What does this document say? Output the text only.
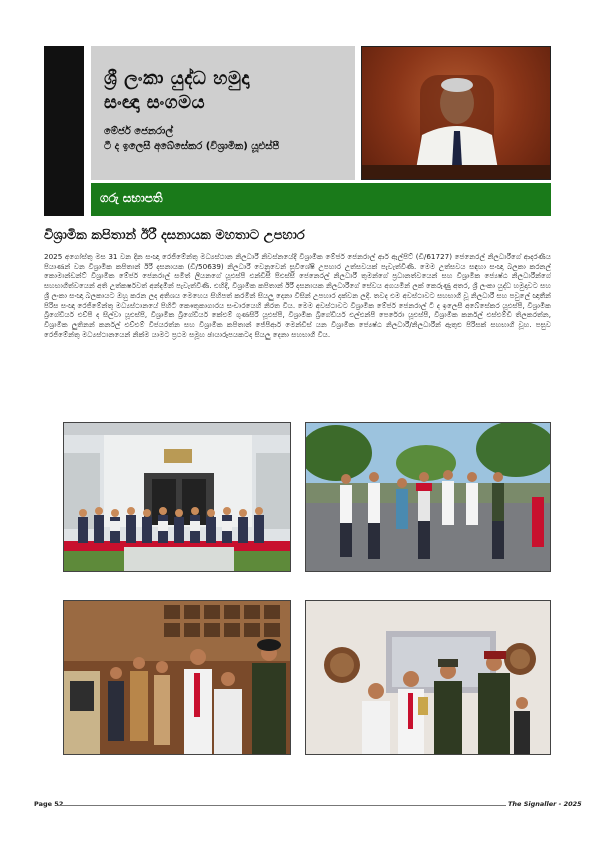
ශ්‍රී ලංකා යුද්ධ හමුදා
සංඥා සංගමය
මේජර් ජෙනරාල්
ටී ද ඉලෙසී අබේසේකර (විශ්‍රාමික) යූඑස්පී
ගරු සභාපති
විශ්‍රාමික කපිතාන් ඊරී දසනායක මහතාට උපහාර
2025 අගෝස්තු මස 31 වන දින සංඥා රෙජිමේන්තු මධ්‍යස්ථාන නිලධාරී නිවස්නයේදී විශ්‍රාමික මේජර් ජෙනරාල් ආර් ඇල්පිට් (ඩී/61727) ජෙනෙරල් නිලධාරීගේ ආදරණීය පියාණන් වන විශ්‍රාමික කපිතාන් ඊරී දසනායක (ඩී/50639) නිලධාරී වෙනුවෙන් සුවිශේෂී උපහාර උත්සවයක් පැවැත්විණි. මෙම උත්සවය සඳහා සංඥා බලකා කරනල් කොමාන්ඩන්ට් විශ්‍රාමික මේජර් ජෙනරාල් සමිත් ලියනගේ යූඑස්පී එන්ඩීසී පීඑස්සී ජෙනෙරල් නිලධාරී තුමන්ගේ ප්‍රධානත්වයෙන් සහ විශ්‍රාමික ජ්‍යෙෂ්ඨ නිලධාරීන්ගේ සහභාගීත්වයෙන් අති උත්කර්ෂවත් අන්දමින් පැවැත්විණි. එහිදී, විශ්‍රාමික කපිතාන් ඊරී දසනායක නිලධාරීගේ සේවය අගයමින් ලක් කෙරුණු අතර, ශ්‍රී ලංකා යුද්ධ හමුදාවට සහ ශ්‍රී ලංකා සංඥා බලකායට ඔහු කරන ලද අතිශය මෙහෙය සිහිපත් කරමින් සියලු දෙනා විසින් උපහාර දක්වන ලදී. තවද එම අවස්ථාවට සහභාගී වූ නිලධාරී සහ පවුලේ ඥාතීන් පිරිස සංඥා රෙජිමේන්තු මධ්‍යස්ථානයේ පිහිටි කෞතුකාගාරය සංචාරයෙහි නිරත විය. මෙම අවස්ථාවට විශ්‍රාමික මේජර් ජෙනරාල් ටී ද ඉලෙසී අබේසේකර යූඑස්පී, විශ්‍රාමික බ්‍රිගේඩියර් එච්පී ද සිල්වා යූඑස්පී, විශ්‍රාමික බ්‍රිගේඩියර් කේඑම් ගුණසිරි යූඑස්පී, විශ්‍රාමික බ්‍රිගේඩියර් එල්එන්පී පෙරේරා යූඑස්පී, විශ්‍රාමික කර්නල් එස්එම්ඩී තිලකරත්න, විශ්‍රාමික ලුතිනන් කර්නල් එච්එම් විජයරත්න සහ විශ්‍රාමික කපිතාන් ජේපීආර් මෙන්ඩිස් යන විශ්‍රාමික ජ්‍යෙෂ්ඨ නිලධාරී/නිලධාරීන් ඇතුළු පිරිසක් සහභාගී වූහ. පසුව රෙජිමේන්තු මධ්‍යස්ථානයෙන් නික්ම යාමට ප්‍රථම සමූහ ඡායාරූපයකටද සියලු දෙනා සහභාගී විය.
Page 52	The Signaller - 2025
